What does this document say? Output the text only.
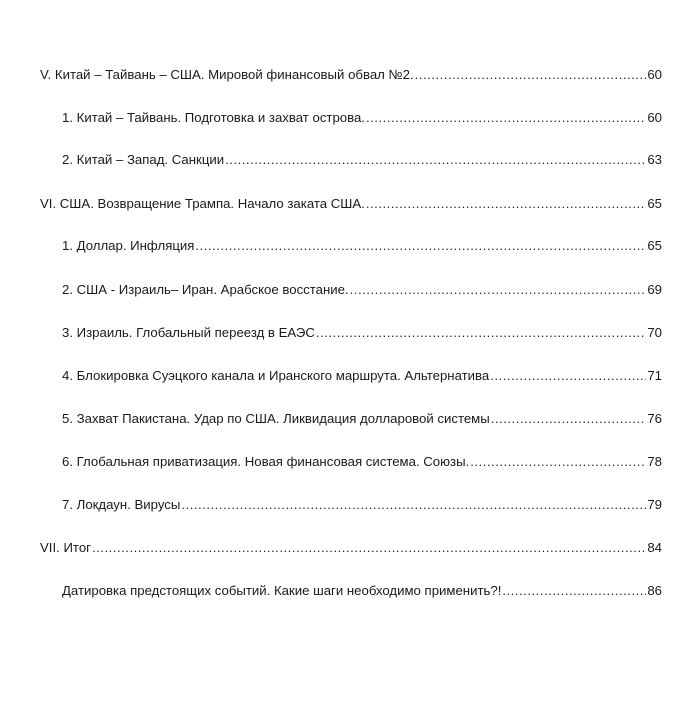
V. Китай – Тайвань – США. Мировой финансовый обвал №2. .....	60
1. Китай – Тайвань. Подготовка и захват острова. .....	60
2. Китай – Запад. Санкции .....	63
VI. США. Возвращение Трампа. Начало заката США. .....	65
1. Доллар. Инфляция .....	65
2. США - Израиль– Иран. Арабское восстание. .....	69
3. Израиль. Глобальный переезд в ЕАЭС .....	70
4. Блокировка Суэцкого канала и Иранского маршрута. Альтернатива .....	71
5. Захват Пакистана. Удар по США. Ликвидация долларовой системы .....	76
6. Глобальная приватизация. Новая финансовая система. Союзы. .....	78
7. Локдаун. Вирусы .....	79
VII. Итог .....	84
Датировка предстоящих событий. Какие шаги необходимо применить?! .....	86
